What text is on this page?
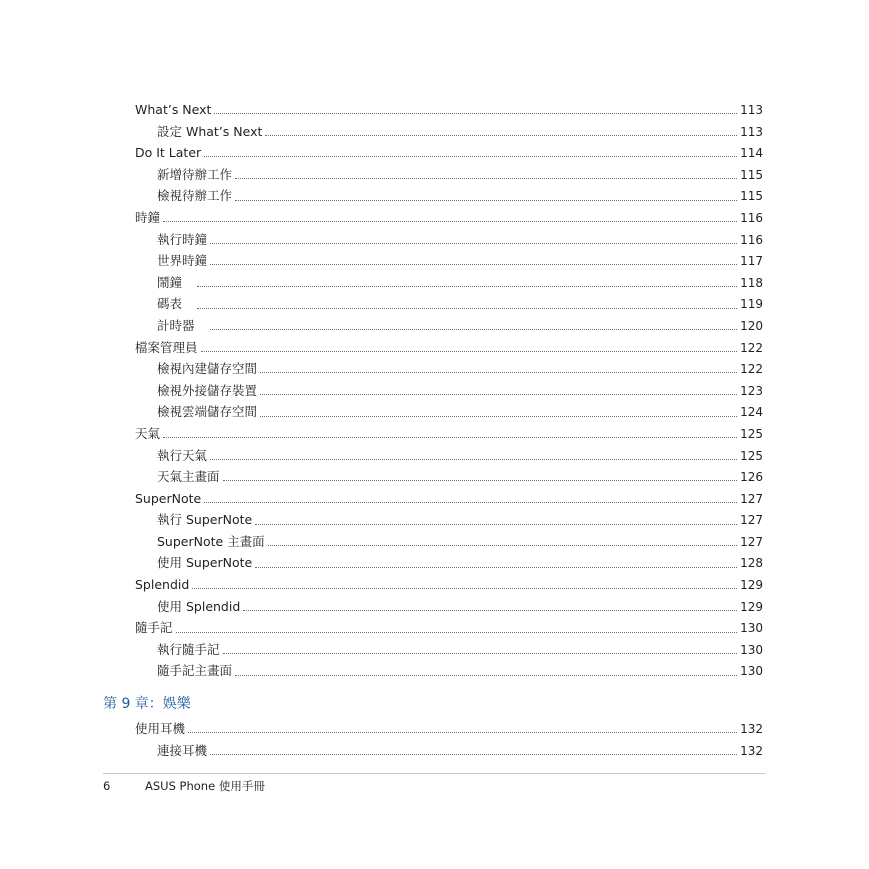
What’s Next	113
設定 What’s Next	113
Do It Later	114
新增待辦工作	115
檢視待辦工作	115
時鐘	116
執行時鐘	116
世界時鐘	117
鬧鐘	118
碼表	119
計時器	120
檔案管理員	122
檢視內建儲存空間	122
檢視外接儲存裝置	123
檢視雲端儲存空間	124
天氣	125
執行天氣	125
天氣主畫面	126
SuperNote	127
執行 SuperNote	127
SuperNote 主畫面	127
使用 SuperNote	128
Splendid	129
使用 Splendid	129
隨手記	130
執行隨手記	130
隨手記主畫面	130
第 9 章：娛樂
使用耳機	132
連接耳機	132
6	ASUS Phone 使用手冊
